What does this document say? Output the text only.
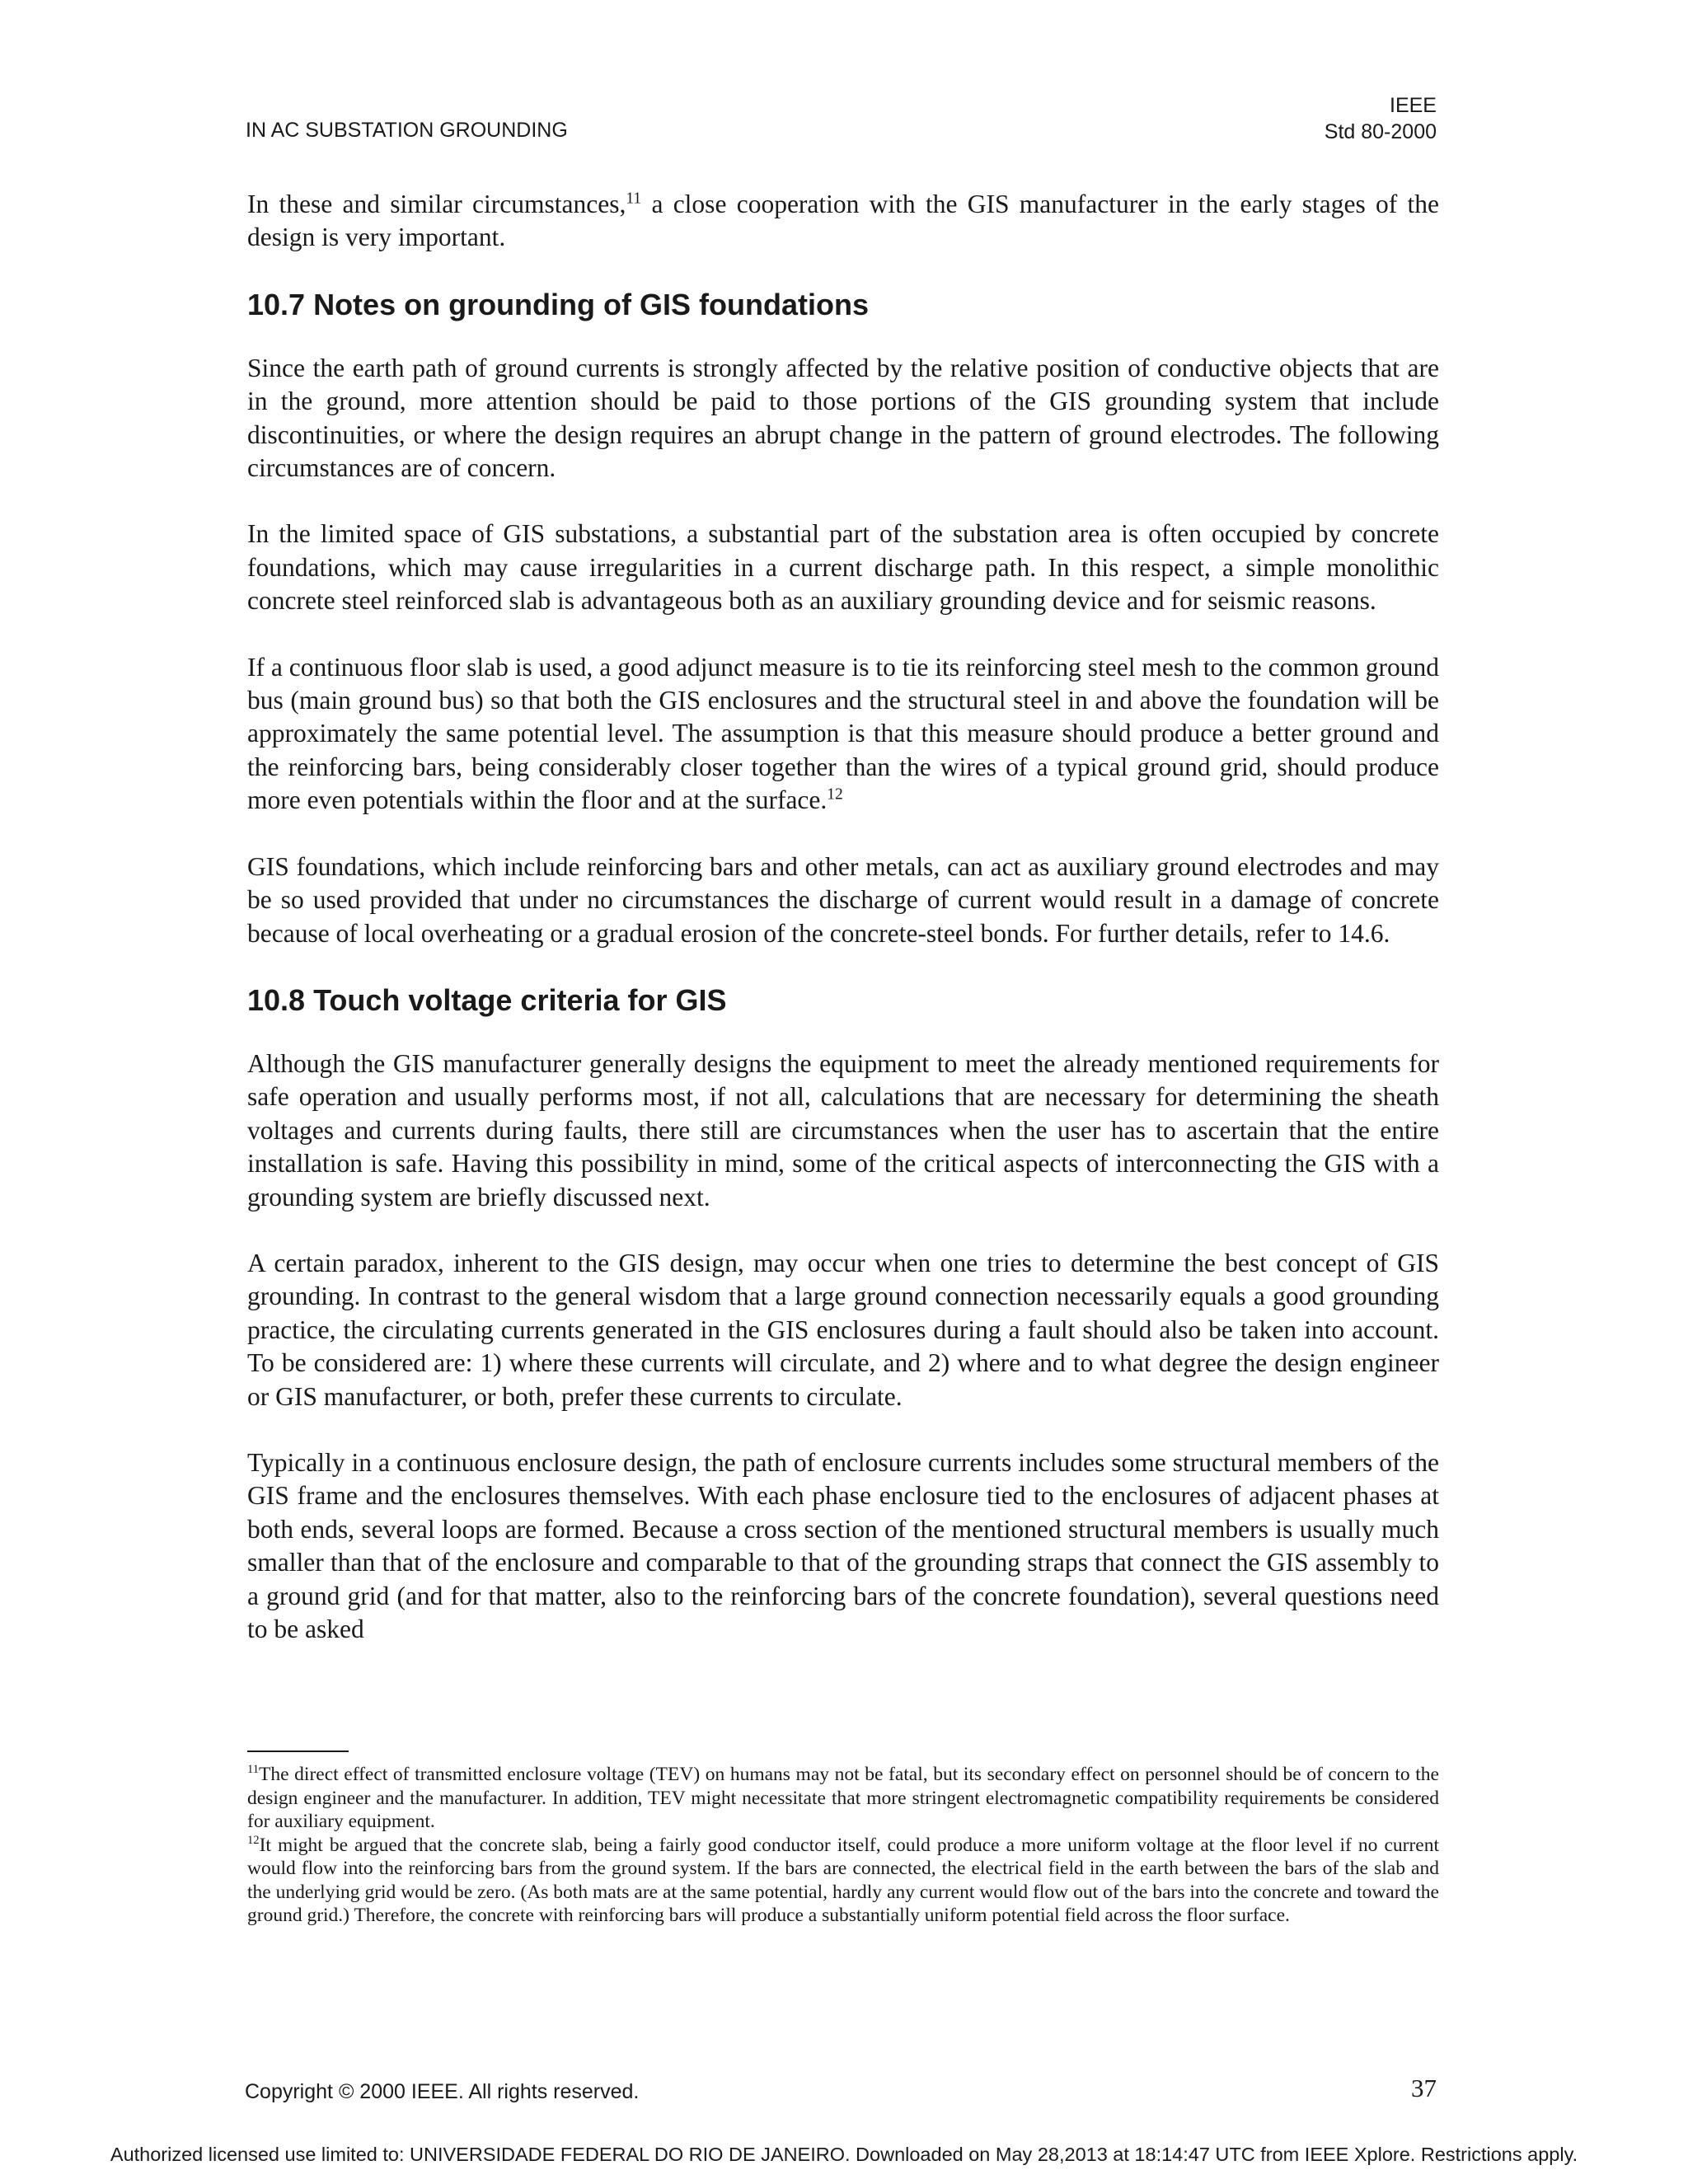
IN AC SUBSTATION GROUNDING
IEEE
Std 80-2000

In these and similar circumstances,$^{11}$ a close cooperation with the GIS manufacturer in the early stages of the design is very important.

10.7 Notes on grounding of GIS foundations

Since the earth path of ground currents is strongly affected by the relative position of conductive objects that are in the ground, more attention should be paid to those portions of the GIS grounding system that include discontinuities, or where the design requires an abrupt change in the pattern of ground electrodes. The following circumstances are of concern.

In the limited space of GIS substations, a substantial part of the substation area is often occupied by concrete foundations, which may cause irregularities in a current discharge path. In this respect, a simple monolithic concrete steel reinforced slab is advantageous both as an auxiliary grounding device and for seismic reasons.

If a continuous floor slab is used, a good adjunct measure is to tie its reinforcing steel mesh to the common ground bus (main ground bus) so that both the GIS enclosures and the structural steel in and above the foundation will be approximately the same potential level. The assumption is that this measure should produce a better ground and the reinforcing bars, being considerably closer together than the wires of a typical ground grid, should produce more even potentials within the floor and at the surface.$^{12}$

GIS foundations, which include reinforcing bars and other metals, can act as auxiliary ground electrodes and may be so used provided that under no circumstances the discharge of current would result in a damage of concrete because of local overheating or a gradual erosion of the concrete-steel bonds. For further details, refer to 14.6.

10.8 Touch voltage criteria for GIS

Although the GIS manufacturer generally designs the equipment to meet the already mentioned requirements for safe operation and usually performs most, if not all, calculations that are necessary for determining the sheath voltages and currents during faults, there still are circumstances when the user has to ascertain that the entire installation is safe. Having this possibility in mind, some of the critical aspects of interconnecting the GIS with a grounding system are briefly discussed next.

A certain paradox, inherent to the GIS design, may occur when one tries to determine the best concept of GIS grounding. In contrast to the general wisdom that a large ground connection necessarily equals a good grounding practice, the circulating currents generated in the GIS enclosures during a fault should also be taken into account. To be considered are: 1) where these currents will circulate, and 2) where and to what degree the design engineer or GIS manufacturer, or both, prefer these currents to circulate.

Typically in a continuous enclosure design, the path of enclosure currents includes some structural members of the GIS frame and the enclosures themselves. With each phase enclosure tied to the enclosures of adjacent phases at both ends, several loops are formed. Because a cross section of the mentioned structural members is usually much smaller than that of the enclosure and comparable to that of the grounding straps that connect the GIS assembly to a ground grid (and for that matter, also to the reinforcing bars of the concrete foundation), several questions need to be asked

$^{11}$The direct effect of transmitted enclosure voltage (TEV) on humans may not be fatal, but its secondary effect on personnel should be of concern to the design engineer and the manufacturer. In addition, TEV might necessitate that more stringent electromagnetic compatibility requirements be considered for auxiliary equipment.

$^{12}$It might be argued that the concrete slab, being a fairly good conductor itself, could produce a more uniform voltage at the floor level if no current would flow into the reinforcing bars from the ground system. If the bars are connected, the electrical field in the earth between the bars of the slab and the underlying grid would be zero. (As both mats are at the same potential, hardly any current would flow out of the bars into the concrete and toward the ground grid.) Therefore, the concrete with reinforcing bars will produce a substantially uniform potential field across the floor surface.

Copyright © 2000 IEEE. All rights reserved.	37
Authorized licensed use limited to: UNIVERSIDADE FEDERAL DO RIO DE JANEIRO. Downloaded on May 28,2013 at 18:14:47 UTC from IEEE Xplore. Restrictions apply.
